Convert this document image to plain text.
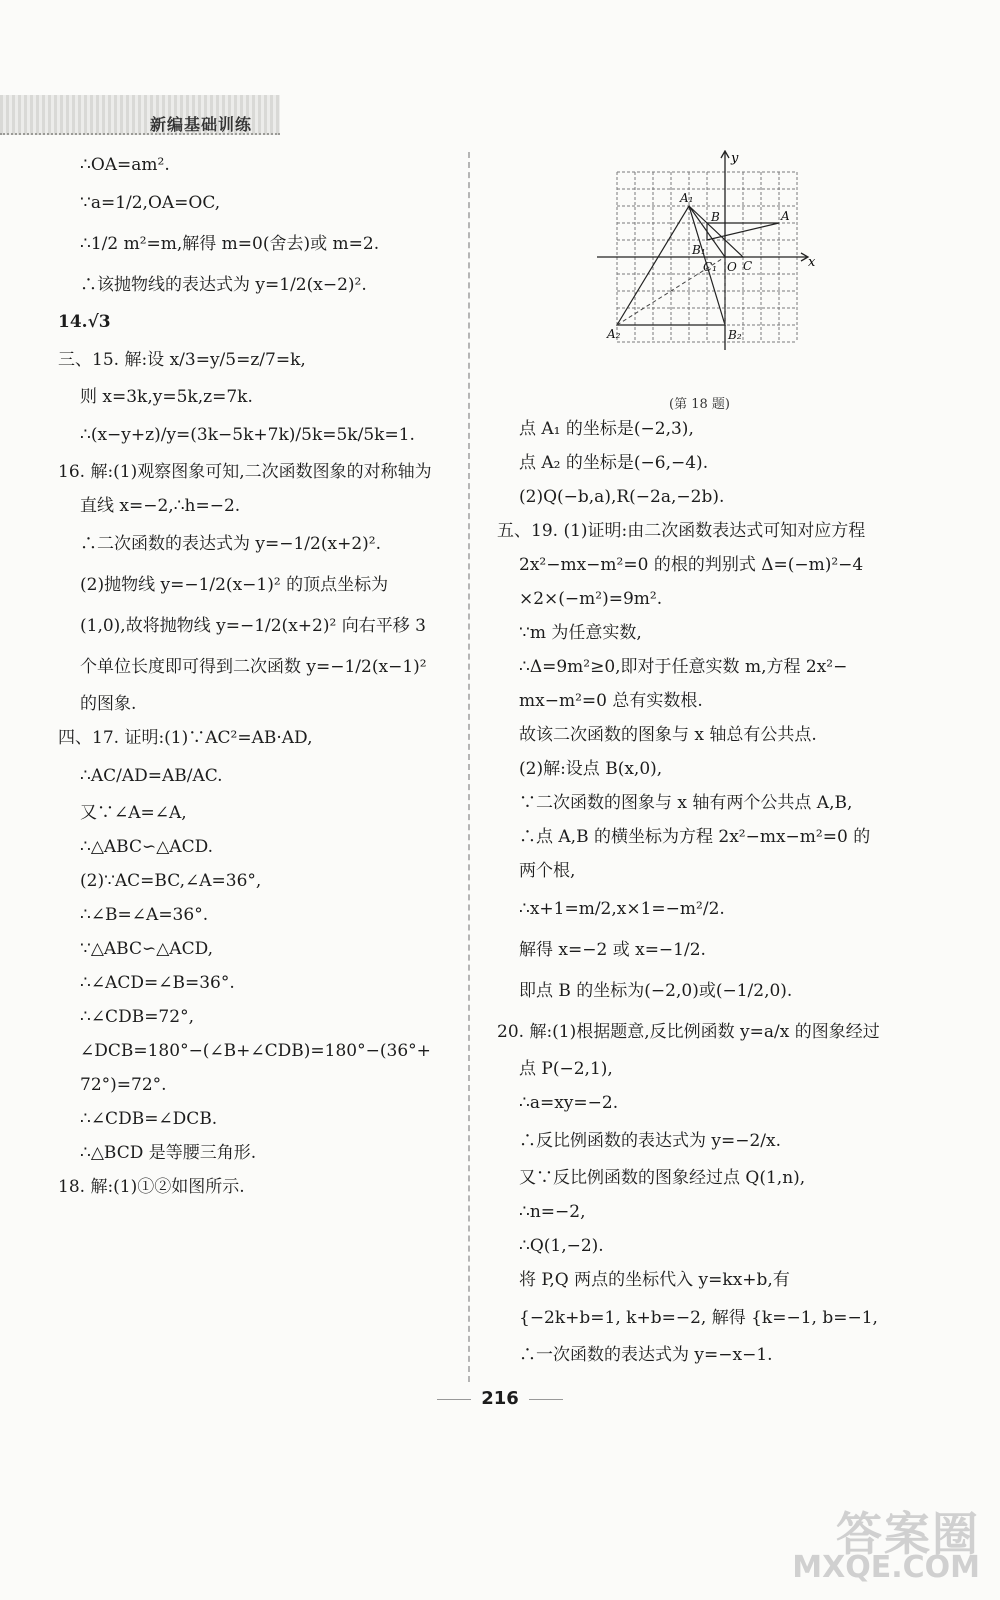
新编基础训练

∴OA=am².

∵a=1/2,OA=OC,

∴1/2 m²=m,解得 m=0(舍去)或 m=2.

∴该抛物线的表达式为 y=1/2(x−2)².

14.√3

三、15. 解:设 x/3=y/5=z/7=k,

则 x=3k,y=5k,z=7k.

∴(x−y+z)/y=(3k−5k+7k)/5k=5k/5k=1.

16. 解:(1)观察图象可知,二次函数图象的对称轴为

直线 x=−2,∴h=−2.

∴二次函数的表达式为 y=−1/2(x+2)².

(2)抛物线 y=−1/2(x−1)² 的顶点坐标为

(1,0),故将抛物线 y=−1/2(x+2)² 向右平移 3

个单位长度即可得到二次函数 y=−1/2(x−1)²

的图象.

四、17. 证明:(1)∵AC²=AB·AD,

∴AC/AD=AB/AC.

又∵∠A=∠A,

∴△ABC∽△ACD.

(2)∵AC=BC,∠A=36°,

∴∠B=∠A=36°.

∵△ABC∽△ACD,

∴∠ACD=∠B=36°.

∴∠CDB=72°,

∠DCB=180°−(∠B+∠CDB)=180°−(36°+

72°)=72°.

∴∠CDB=∠DCB.

∴△BCD 是等腰三角形.

18. 解:(1)①②如图所示.

x
y
A₁
B₁
A
B
C
O
C₁
A₂	B₂
(第 18 题)

点 A₁ 的坐标是(−2,3),

点 A₂ 的坐标是(−6,−4).

(2)Q(−b,a),R(−2a,−2b).

五、19. (1)证明:由二次函数表达式可知对应方程

2x²−mx−m²=0 的根的判别式 Δ=(−m)²−4

×2×(−m²)=9m².

∵m 为任意实数,

∴Δ=9m²≥0,即对于任意实数 m,方程 2x²−

mx−m²=0 总有实数根.

故该二次函数的图象与 x 轴总有公共点.

(2)解:设点 B(x,0),

∵二次函数的图象与 x 轴有两个公共点 A,B,

∴点 A,B 的横坐标为方程 2x²−mx−m²=0 的

两个根,

∴x+1=m/2,x×1=−m²/2.

解得 x=−2 或 x=−1/2.

即点 B 的坐标为(−2,0)或(−1/2,0).

20. 解:(1)根据题意,反比例函数 y=a/x 的图象经过

点 P(−2,1),

∴a=xy=−2.

∴反比例函数的表达式为 y=−2/x.

又∵反比例函数的图象经过点 Q(1,n),

∴n=−2,

∴Q(1,−2).

将 P,Q 两点的坐标代入 y=kx+b,有

{−2k+b=1, k+b=−2, 解得 {k=−1, b=−1,

∴一次函数的表达式为 y=−x−1.

216
答案圈
MXQE.COM
